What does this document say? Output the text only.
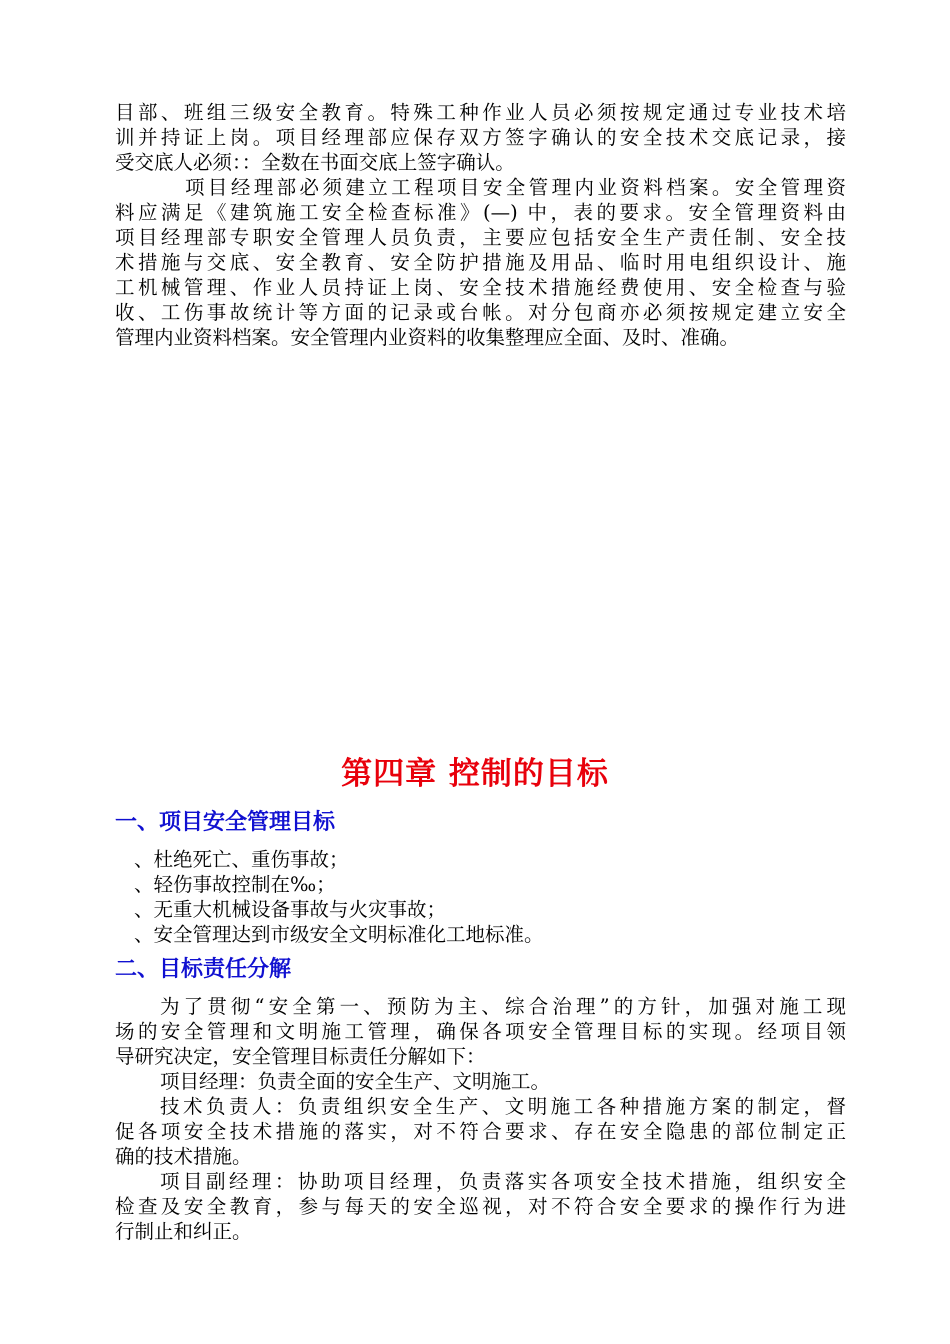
目部、班组三级安全教育。特殊工种作业人员必须按规定通过专业技术培
训并持证上岗。项目经理部应保存双方签字确认的安全技术交底记录，接
受交底人必须：：全数在书面交底上签字确认。
项目经理部必须建立工程项目安全管理内业资料档案。安全管理资
料应满足《建筑施工安全检查标准》(—) 中，表的要求。安全管理资料由
项目经理部专职安全管理人员负责，主要应包括安全生产责任制、安全技
术措施与交底、安全教育、安全防护措施及用品、临时用电组织设计、施
工机械管理、作业人员持证上岗、安全技术措施经费使用、安全检查与验
收、工伤事故统计等方面的记录或台帐。对分包商亦必须按规定建立安全
管理内业资料档案。安全管理内业资料的收集整理应全面、及时、准确。
第四章 控制的目标
一、项目安全管理目标
、杜绝死亡、重伤事故；
、轻伤事故控制在‰；
、无重大机械设备事故与火灾事故；
、安全管理达到市级安全文明标准化工地标准。
二、目标责任分解
为了贯彻“安全第一、预防为主、综合治理”的方针，加强对施工现
场的安全管理和文明施工管理，确保各项安全管理目标的实现。经项目领
导研究决定，安全管理目标责任分解如下：
项目经理：负责全面的安全生产、文明施工。
技术负责人：负责组织安全生产、文明施工各种措施方案的制定，督
促各项安全技术措施的落实，对不符合要求、存在安全隐患的部位制定正
确的技术措施。
项目副经理：协助项目经理，负责落实各项安全技术措施，组织安全
检查及安全教育，参与每天的安全巡视，对不符合安全要求的操作行为进
行制止和纠正。
